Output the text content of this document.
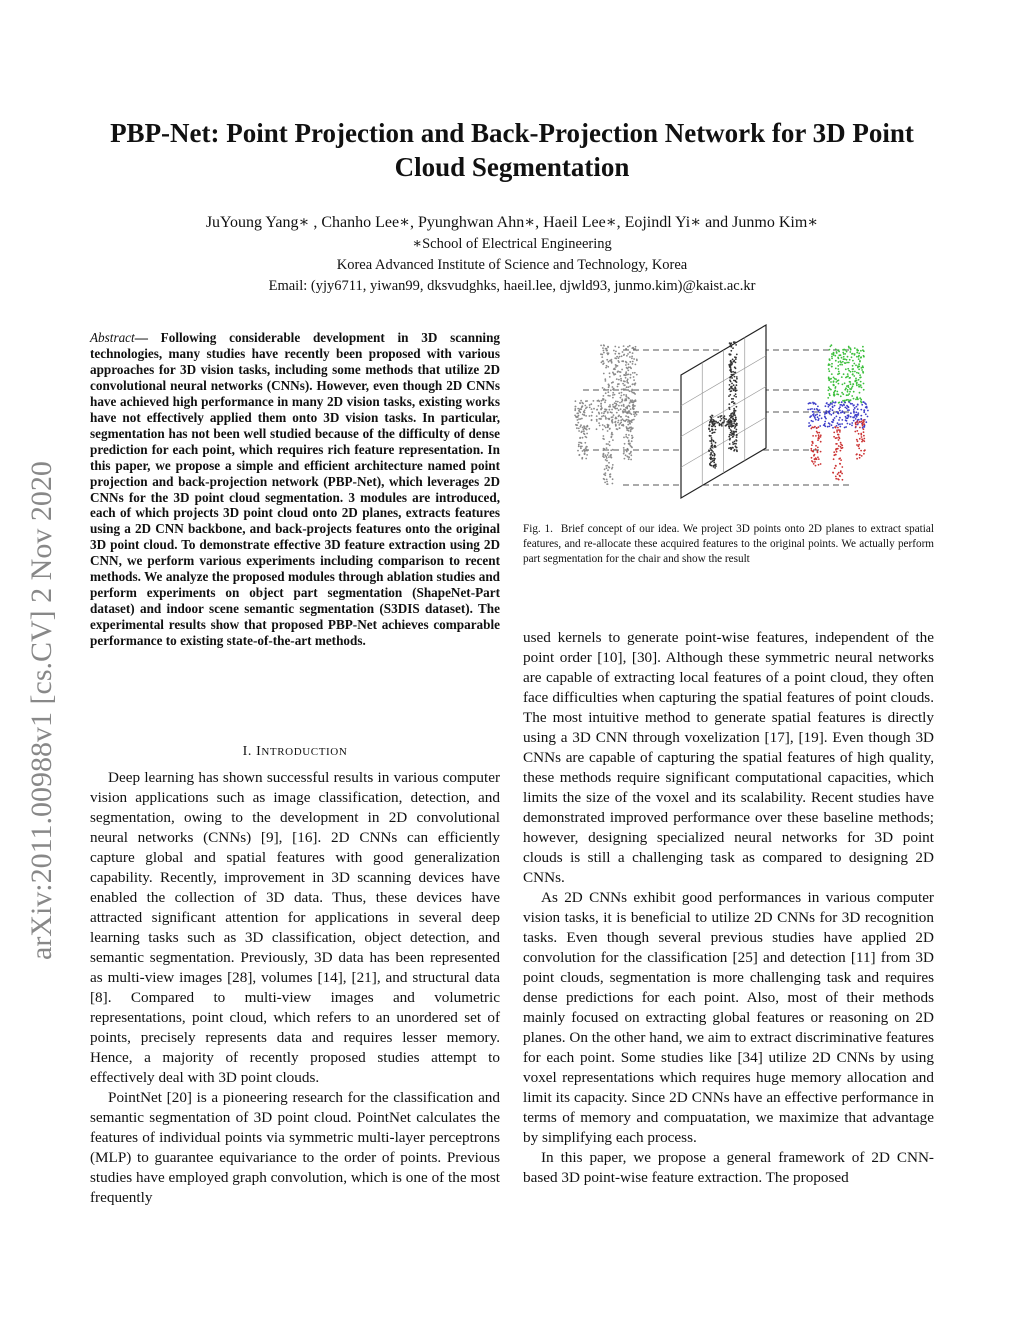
arXiv:2011.00988v1 [cs.CV] 2 Nov 2020
PBP-Net: Point Projection and Back-Projection Network for 3D Point Cloud Segmentation
JuYoung Yang∗ , Chanho Lee∗, Pyunghwan Ahn∗, Haeil Lee∗, Eojindl Yi∗ and Junmo Kim∗
∗School of Electrical Engineering
Korea Advanced Institute of Science and Technology, Korea
Email: (yjy6711, yiwan99, dksvudghks, haeil.lee, djwld93, junmo.kim)@kaist.ac.kr
Abstract— Following considerable development in 3D scanning technologies, many studies have recently been proposed with various approaches for 3D vision tasks, including some methods that utilize 2D convolutional neural networks (CNNs). However, even though 2D CNNs have achieved high performance in many 2D vision tasks, existing works have not effectively applied them onto 3D vision tasks. In particular, segmentation has not been well studied because of the difficulty of dense prediction for each point, which requires rich feature representation. In this paper, we propose a simple and efficient architecture named point projection and back-projection network (PBP-Net), which leverages 2D CNNs for the 3D point cloud segmentation. 3 modules are introduced, each of which projects 3D point cloud onto 2D planes, extracts features using a 2D CNN backbone, and back-projects features onto the original 3D point cloud. To demonstrate effective 3D feature extraction using 2D CNN, we perform various experiments including comparison to recent methods. We analyze the proposed modules through ablation studies and perform experiments on object part segmentation (ShapeNet-Part dataset) and indoor scene semantic segmentation (S3DIS dataset). The experimental results show that proposed PBP-Net achieves comparable performance to existing state-of-the-art methods.
I. INTRODUCTION

Deep learning has shown successful results in various computer vision applications such as image classification, detection, and segmentation, owing to the development in 2D convolutional neural networks (CNNs) [9], [16]. 2D CNNs can efficiently capture global and spatial features with good generalization capability. Recently, improvement in 3D scanning devices have enabled the collection of 3D data. Thus, these devices have attracted significant attention for applications in several deep learning tasks such as 3D classification, object detection, and semantic segmentation. Previously, 3D data has been represented as multi-view images [28], volumes [14], [21], and structural data [8]. Compared to multi-view images and volumetric representations, point cloud, which refers to an unordered set of points, precisely represents data and requires lesser memory. Hence, a majority of recently proposed studies attempt to effectively deal with 3D point clouds.

PointNet [20] is a pioneering research for the classification and semantic segmentation of 3D point cloud. PointNet calculates the features of individual points via symmetric multi-layer perceptrons (MLP) to guarantee equivariance to the order of points. Previous studies have employed graph convolution, which is one of the most frequently

Fig. 1. Brief concept of our idea. We project 3D points onto 2D planes to extract spatial features, and re-allocate these acquired features to the original points. We actually perform part segmentation for the chair and show the result

used kernels to generate point-wise features, independent of the point order [10], [30]. Although these symmetric neural networks are capable of extracting local features of a point cloud, they often face difficulties when capturing the spatial features of point clouds. The most intuitive method to generate spatial features is directly using a 3D CNN through voxelization [17], [19]. Even though 3D CNNs are capable of capturing the spatial features of high quality, these methods require significant computational capacities, which limits the size of the voxel and its scalability. Recent studies have demonstrated improved performance over these baseline methods; however, designing specialized neural networks for 3D point clouds is still a challenging task as compared to designing 2D CNNs.

As 2D CNNs exhibit good performances in various computer vision tasks, it is beneficial to utilize 2D CNNs for 3D recognition tasks. Even though several previous studies have applied 2D convolution for the classification [25] and detection [11] from 3D point clouds, segmentation is more challenging task and requires dense predictions for each point. Also, most of their methods mainly focused on extracting global features or reasoning on 2D planes. On the other hand, we aim to extract discriminative features for each point. Some studies like [34] utilize 2D CNNs by using voxel representations which requires huge memory allocation and limit its capacity. Since 2D CNNs have an effective performance in terms of memory and compuatation, we maximize that advantage by simplifying each process.

In this paper, we propose a general framework of 2D CNN-based 3D point-wise feature extraction. The proposed
